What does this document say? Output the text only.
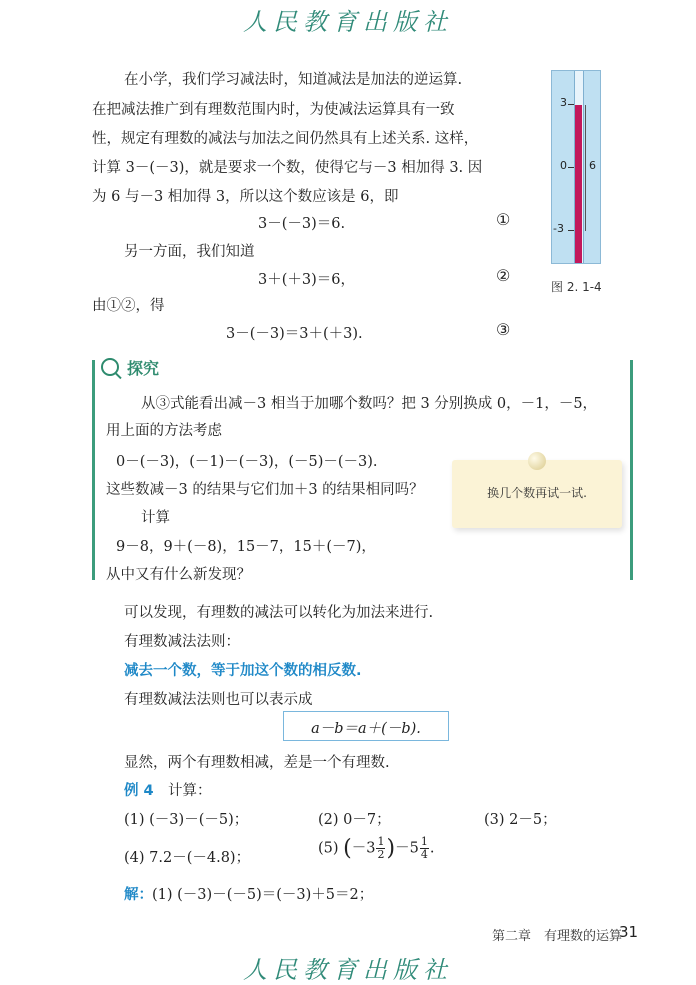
人民教育出版社
在小学，我们学习减法时，知道减法是加法的逆运算.
在把减法推广到有理数范围内时，为使减法运算具有一致
性，规定有理数的减法与加法之间仍然具有上述关系. 这样，
计算 3－(－3)，就是要求一个数，使得它与－3 相加得 3. 因
为 6 与－3 相加得 3，所以这个数应该是 6，即
3－(－3)＝6.	①
另一方面，我们知道
3＋(＋3)＝6，	②
由①②，得
3－(－3)＝3＋(＋3).	③
3
0
-3
6
图 2. 1-4
探究
从③式能看出减－3 相当于加哪个数吗？把 3 分别换成 0，－1，－5，
用上面的方法考虑
0－(－3)，(－1)－(－3)，(－5)－(－3).
这些数减－3 的结果与它们加＋3 的结果相同吗？
计算
9－8，9＋(－8)，15－7，15＋(－7)，
从中又有什么新发现？
换几个数再试一试.
可以发现，有理数的减法可以转化为加法来进行.
有理数减法法则：
减去一个数，等于加这个数的相反数.
有理数减法法则也可以表示成
a－b＝a＋(－b).
显然，两个有理数相减，差是一个有理数.
例 4 计算：
(1) (－3)－(－5)；	(2) 0－7；	(3) 2－5；
(4) 7.2－(－4.8)；
(5) $(-3 \frac{1}{2} )-5 \frac{1}{4}$ .
解： (1) (－3)－(－5)＝(－3)＋5＝2；
第二章　有理数的运算
31
人民教育出版社
